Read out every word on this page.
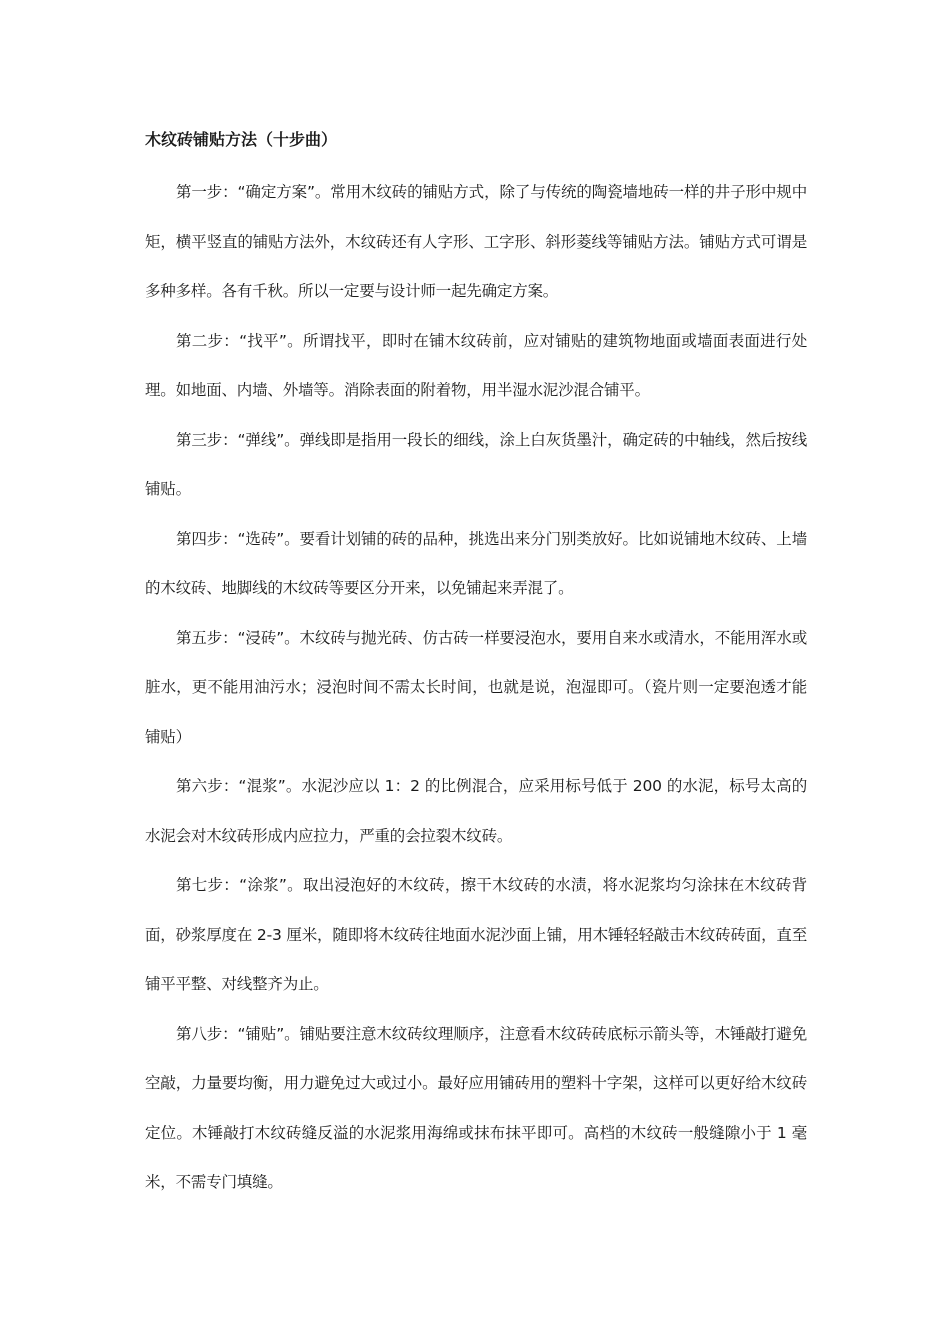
木纹砖铺贴方法（十步曲）

第一步：“确定方案”。常用木纹砖的铺贴方式，除了与传统的陶瓷墙地砖一样的井子形中规中矩，横平竖直的铺贴方法外，木纹砖还有人字形、工字形、斜形菱线等铺贴方法。铺贴方式可谓是多种多样。各有千秋。所以一定要与设计师一起先确定方案。

第二步：“找平”。所谓找平，即时在铺木纹砖前，应对铺贴的建筑物地面或墙面表面进行处理。如地面、内墙、外墙等。消除表面的附着物，用半湿水泥沙混合铺平。

第三步：“弹线”。弹线即是指用一段长的细线，涂上白灰货墨汁，确定砖的中轴线，然后按线铺贴。

第四步：“选砖”。要看计划铺的砖的品种，挑选出来分门别类放好。比如说铺地木纹砖、上墙的木纹砖、地脚线的木纹砖等要区分开来，以免铺起来弄混了。

第五步：“浸砖”。木纹砖与抛光砖、仿古砖一样要浸泡水，要用自来水或清水，不能用浑水或脏水，更不能用油污水；浸泡时间不需太长时间，也就是说，泡湿即可。（瓷片则一定要泡透才能铺贴）

第六步：“混浆”。水泥沙应以 1：2 的比例混合，应采用标号低于 200 的水泥，标号太高的水泥会对木纹砖形成内应拉力，严重的会拉裂木纹砖。

第七步：“涂浆”。取出浸泡好的木纹砖，擦干木纹砖的水渍，将水泥浆均匀涂抹在木纹砖背面，砂浆厚度在 2-3 厘米，随即将木纹砖往地面水泥沙面上铺，用木锤轻轻敲击木纹砖砖面，直至铺平平整、对线整齐为止。

第八步：“铺贴”。铺贴要注意木纹砖纹理顺序，注意看木纹砖砖底标示箭头等，木锤敲打避免空敲，力量要均衡，用力避免过大或过小。最好应用铺砖用的塑料十字架，这样可以更好给木纹砖定位。木锤敲打木纹砖缝反溢的水泥浆用海绵或抹布抹平即可。高档的木纹砖一般缝隙小于 1 毫米，不需专门填缝。
